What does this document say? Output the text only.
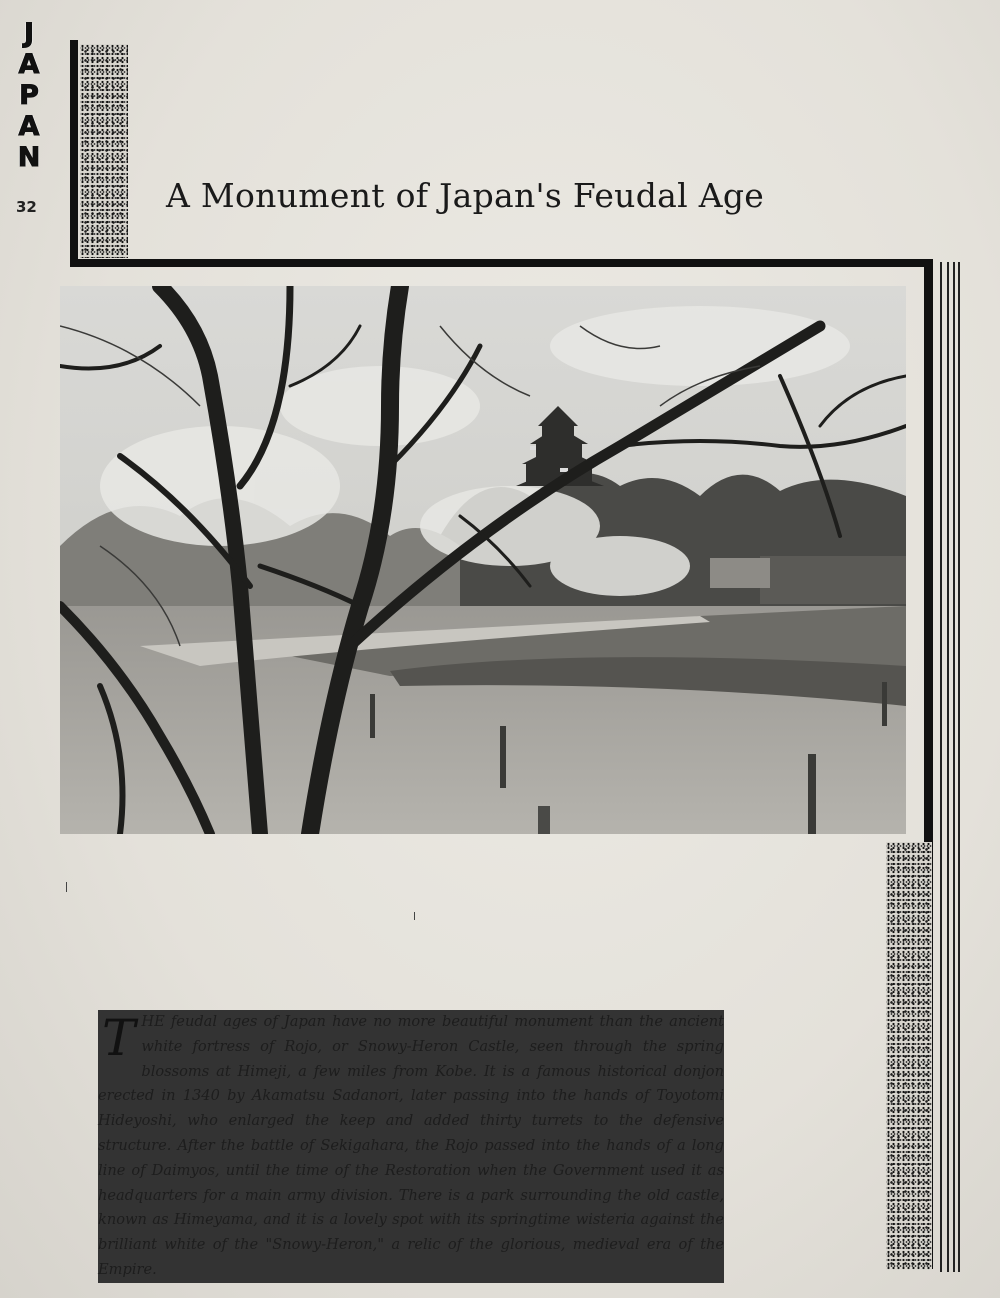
J
A
P
A
N
32	A Monument of Japan's Feudal Age
THE feudal ages of Japan have no more beautiful monument than the ancient white fortress of Rojo, or Snowy-Heron Castle, seen through the spring blossoms at Himeji, a few miles from Kobe. It is a famous historical donjon erected in 1340 by Akamatsu Sadanori, later passing into the hands of Toyotomi Hideyoshi, who enlarged the keep and added thirty turrets to the defensive structure. After the battle of Sekigahara, the Rojo passed into the hands of a long line of Daimyos, until the time of the Restoration when the Government used it as headquarters for a main army division. There is a park surrounding the old castle, known as Himeyama, and it is a lovely spot with its springtime wisteria against the brilliant white of the "Snowy-Heron," a relic of the glorious, medieval era of the Empire.
